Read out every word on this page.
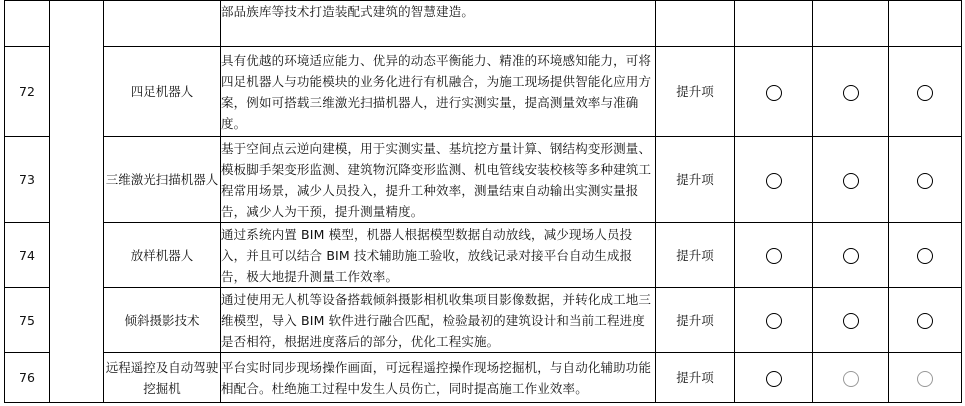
			部品族库等技术打造装配式建筑的智慧建造。				
72		四足机器人	具有优越的环境适应能力、优异的动态平衡能力、精准的环境感知能力，可将四足机器人与功能模块的业务化进行有机融合，为施工现场提供智能化应用方案，例如可搭载三维激光扫描机器人，进行实测实量，提高测量效率与准确度。	提升项			
73		三维激光扫描机器人	基于空间点云逆向建模，用于实测实量、基坑挖方量计算、钢结构变形测量、模板脚手架变形监测、建筑物沉降变形监测、机电管线安装校核等多种建筑工程常用场景，减少人员投入，提升工种效率，测量结束自动输出实测实量报告，减少人为干预，提升测量精度。	提升项			
74		放样机器人	通过系统内置 BIM 模型，机器人根据模型数据自动放线，减少现场人员投入，并且可以结合 BIM 技术辅助施工验收，放线记录对接平台自动生成报告，极大地提升测量工作效率。	提升项			
75		倾斜摄影技术	通过使用无人机等设备搭载倾斜摄影相机收集项目影像数据，并转化成工地三维模型，导入 BIM 软件进行融合匹配，检验最初的建筑设计和当前工程进度是否相符，根据进度落后的部分，优化工程实施。	提升项			
76		远程遥控及自动驾驶挖掘机	平台实时同步现场操作画面，可远程遥控操作现场挖掘机，与自动化辅助功能相配合。杜绝施工过程中发生人员伤亡，同时提高施工作业效率。	提升项			
